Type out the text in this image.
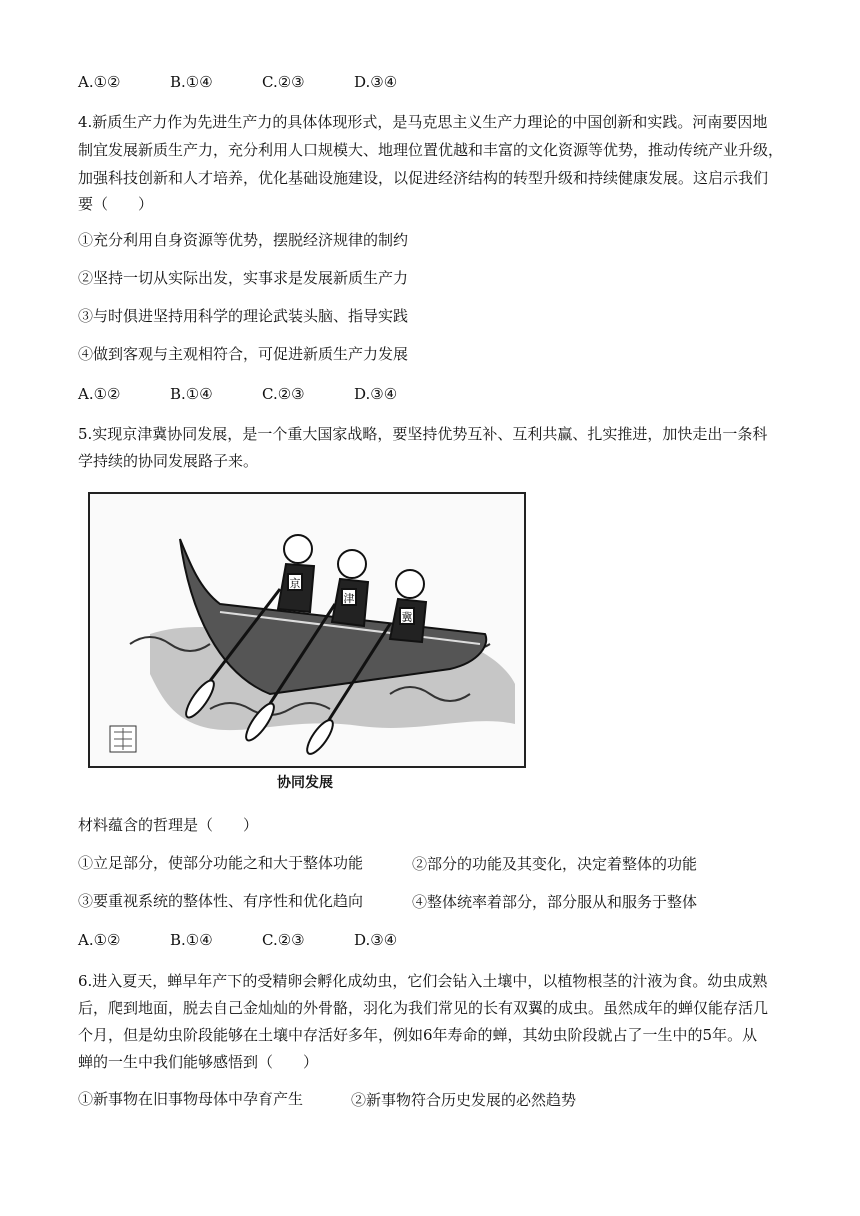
A.①②	B.①④	C.②③	D.③④
4.新质生产力作为先进生产力的具体体现形式，是马克思主义生产力理论的中国创新和实践。河南要因地
制宜发展新质生产力，充分利用人口规模大、地理位置优越和丰富的文化资源等优势，推动传统产业升级，
加强科技创新和人才培养，优化基础设施建设，以促进经济结构的转型升级和持续健康发展。这启示我们
要（　　）
①充分利用自身资源等优势，摆脱经济规律的制约
②坚持一切从实际出发，实事求是发展新质生产力
③与时俱进坚持用科学的理论武装头脑、指导实践
④做到客观与主观相符合，可促进新质生产力发展
A.①②	B.①④	C.②③	D.③④
5.实现京津冀协同发展，是一个重大国家战略，要坚持优势互补、互利共赢、扎实推进，加快走出一条科
学持续的协同发展路子来。
京
津
冀
协同发展
材料蕴含的哲理是（　　）
①立足部分，使部分功能之和大于整体功能	②部分的功能及其变化，决定着整体的功能
③要重视系统的整体性、有序性和优化趋向	④整体统率着部分，部分服从和服务于整体
A.①②	B.①④	C.②③	D.③④
6.进入夏天，蝉早年产下的受精卵会孵化成幼虫，它们会钻入土壤中，以植物根茎的汁液为食。幼虫成熟
后，爬到地面，脱去自己金灿灿的外骨骼，羽化为我们常见的长有双翼的成虫。虽然成年的蝉仅能存活几
个月，但是幼虫阶段能够在土壤中存活好多年，例如6年寿命的蝉，其幼虫阶段就占了一生中的5年。从
蝉的一生中我们能够感悟到（　　）
①新事物在旧事物母体中孕育产生	②新事物符合历史发展的必然趋势
